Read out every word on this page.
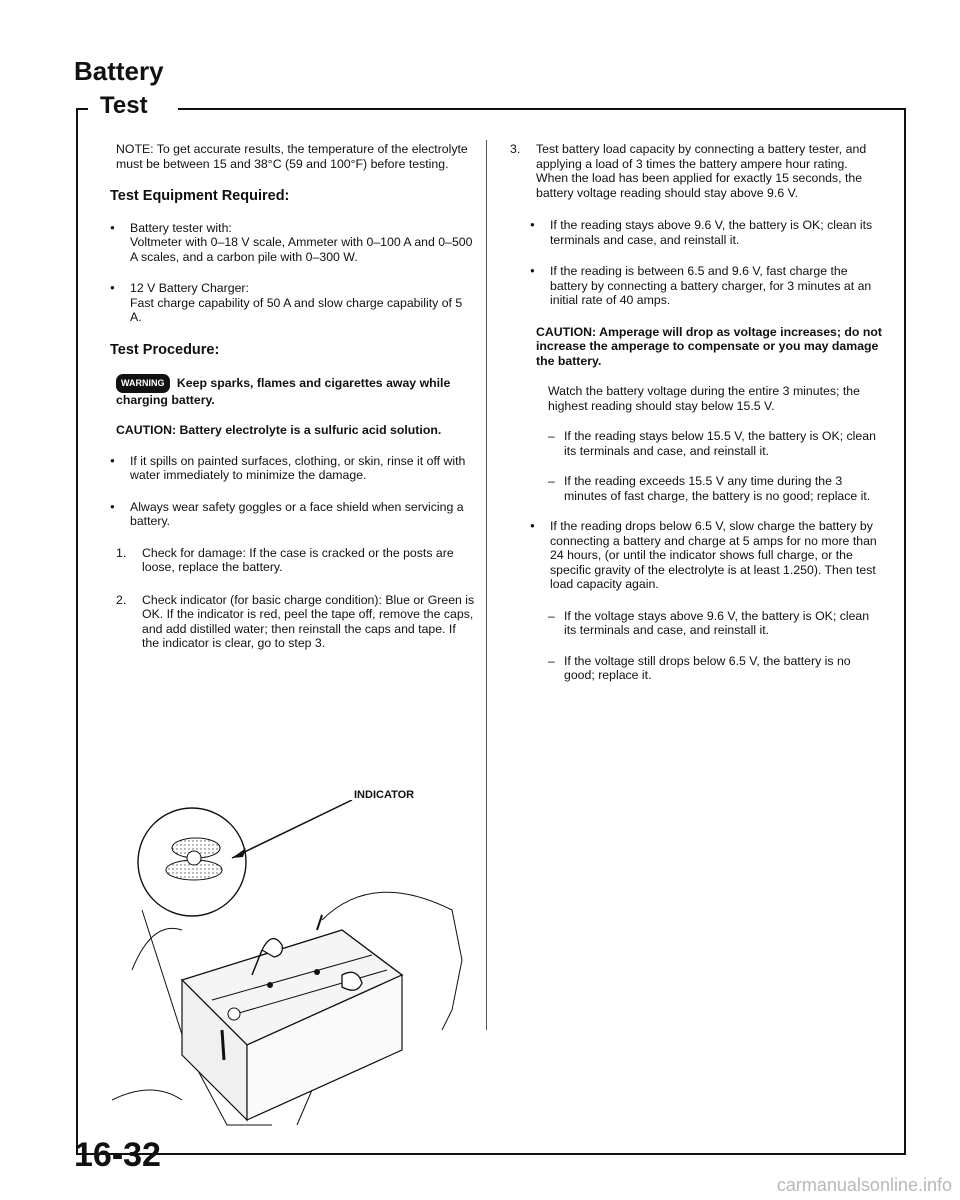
Battery
Test

NOTE: To get accurate results, the temperature of the electrolyte must be between 15 and 38°C (59 and 100°F) before testing.

Test Equipment Required:
● Battery tester with:
Voltmeter with 0–18 V scale, Ammeter with 0–100 A and 0–500 A scales, and a carbon pile with 0–300 W.
● 12 V Battery Charger:
Fast charge capability of 50 A and slow charge capability of 5 A.
Test Procedure:

WARNING Keep sparks, flames and cigarettes away while charging battery.

CAUTION: Battery electrolyte is a sulfuric acid solution.

● If it spills on painted surfaces, clothing, or skin, rinse it off with water immediately to minimize the damage.
● Always wear safety goggles or a face shield when servicing a battery.
1. Check for damage: If the case is cracked or the posts are loose, replace the battery.
2. Check indicator (for basic charge condition): Blue or Green is OK. If the indicator is red, peel the tape off, remove the caps, and add distilled water; then reinstall the caps and tape. If the indicator is clear, go to step 3.
INDICATOR
3. Test battery load capacity by connecting a battery tester, and applying a load of 3 times the battery ampere hour rating. When the load has been applied for exactly 15 seconds, the battery voltage reading should stay above 9.6 V.
● If the reading stays above 9.6 V, the battery is OK; clean its terminals and case, and reinstall it.
● If the reading is between 6.5 and 9.6 V, fast charge the battery by connecting a battery charger, for 3 minutes at an initial rate of 40 amps.

CAUTION: Amperage will drop as voltage increases; do not increase the amperage to compensate or you may damage the battery.

Watch the battery voltage during the entire 3 minutes; the highest reading should stay below 15.5 V.

– If the reading stays below 15.5 V, the battery is OK; clean its terminals and case, and reinstall it.
– If the reading exceeds 15.5 V any time during the 3 minutes of fast charge, the battery is no good; replace it.
● If the reading drops below 6.5 V, slow charge the battery by connecting a battery and charge at 5 amps for no more than 24 hours, (or until the indicator shows full charge, or the specific gravity of the electrolyte is at least 1.250). Then test load capacity again.
– If the voltage stays above 9.6 V, the battery is OK; clean its terminals and case, and reinstall it.
– If the voltage still drops below 6.5 V, the battery is no good; replace it.
16-32
carmanualsonline.info
